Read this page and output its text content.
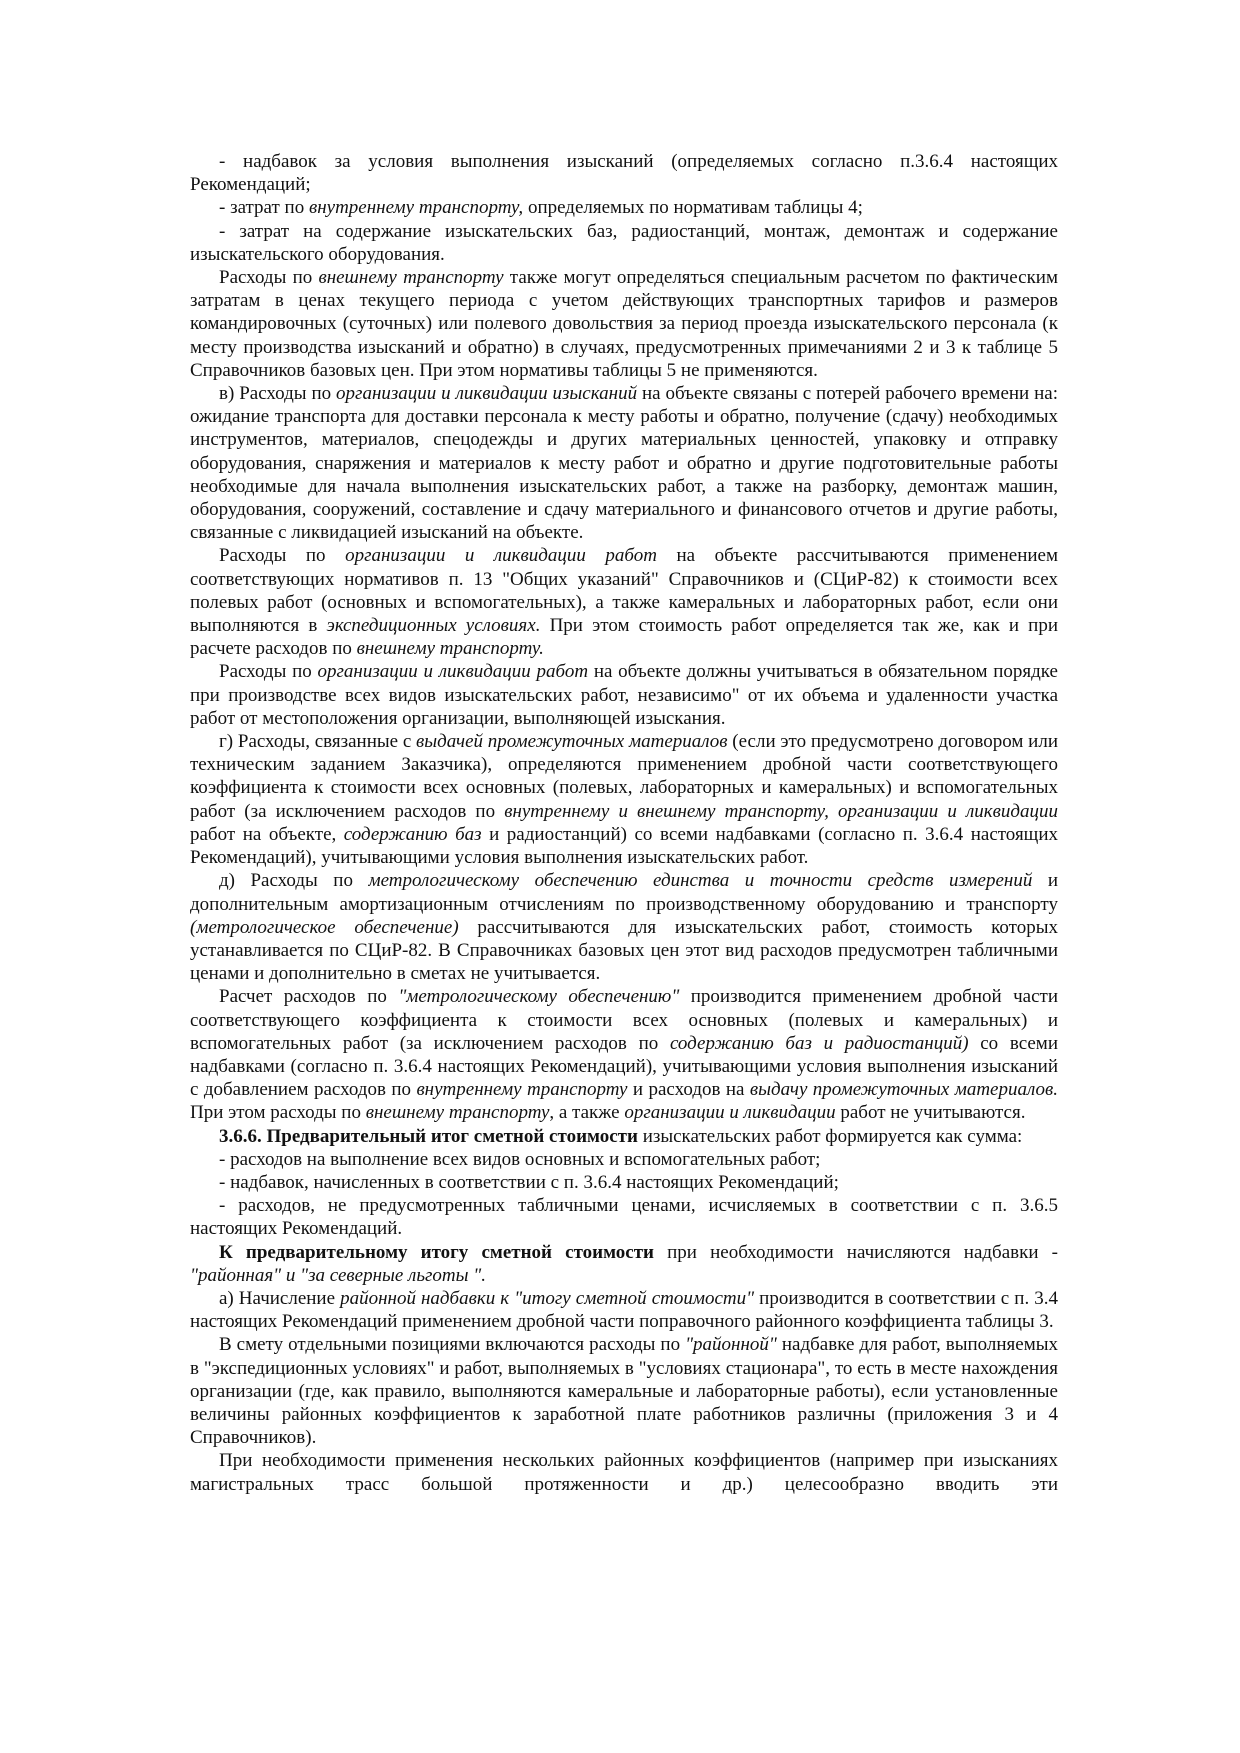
- надбавок за условия выполнения изысканий (определяемых согласно п.3.6.4 настоящих Рекомендаций;

- затрат по внутреннему транспорту, определяемых по нормативам таблицы 4;

- затрат на содержание изыскательских баз, радиостанций, монтаж, демонтаж и содержание изыскательского оборудования.

Расходы по внешнему транспорту также могут определяться специальным расчетом по фактическим затратам в ценах текущего периода с учетом действующих транспортных тарифов и размеров командировочных (суточных) или полевого довольствия за период проезда изыскательского персонала (к месту производства изысканий и обратно) в случаях, предусмотренных примечаниями 2 и 3 к таблице 5 Справочников базовых цен. При этом нормативы таблицы 5 не применяются.

в) Расходы по организации и ликвидации изысканий на объекте связаны с потерей рабочего времени на: ожидание транспорта для доставки персонала к месту работы и обратно, получение (сдачу) необходимых инструментов, материалов, спецодежды и других материальных ценностей, упаковку и отправку оборудования, снаряжения и материалов к месту работ и обратно и другие подготовительные работы необходимые для начала выполнения изыскательских работ, а также на разборку, демонтаж машин, оборудования, сооружений, составление и сдачу материального и финансового отчетов и другие работы, связанные с ликвидацией изысканий на объекте.

Расходы по организации и ликвидации работ на объекте рассчитываются применением соответствующих нормативов п. 13 "Общих указаний" Справочников и (СЦиР-82) к стоимости всех полевых работ (основных и вспомогательных), а также камеральных и лабораторных работ, если они выполняются в экспедиционных условиях. При этом стоимость работ определяется так же, как и при расчете расходов по внешнему транспорту.

Расходы по организации и ликвидации работ на объекте должны учитываться в обязательном порядке при производстве всех видов изыскательских работ, независимо" от их объема и удаленности участка работ от местоположения организации, выполняющей изыскания.

г) Расходы, связанные с выдачей промежуточных материалов (если это предусмотрено договором или техническим заданием Заказчика), определяются применением дробной части соответствующего коэффициента к стоимости всех основных (полевых, лабораторных и камеральных) и вспомогательных работ (за исключением расходов по внутреннему и внешнему транспорту, организации и ликвидации работ на объекте, содержанию баз и радиостанций) со всеми надбавками (согласно п. 3.6.4 настоящих Рекомендаций), учитывающими условия выполнения изыскательских работ.

д) Расходы по метрологическому обеспечению единства и точности средств измерений и дополнительным амортизационным отчислениям по производственному оборудованию и транспорту (метрологическое обеспечение) рассчитываются для изыскательских работ, стоимость которых устанавливается по СЦиР-82. В Справочниках базовых цен этот вид расходов предусмотрен табличными ценами и дополнительно в сметах не учитывается.

Расчет расходов по "метрологическому обеспечению" производится применением дробной части соответствующего коэффициента к стоимости всех основных (полевых и камеральных) и вспомогательных работ (за исключением расходов по содержанию баз и радиостанций) со всеми надбавками (согласно п. 3.6.4 настоящих Рекомендаций), учитывающими условия выполнения изысканий с добавлением расходов по внутреннему транспорту и расходов на выдачу промежуточных материалов. При этом расходы по внешнему транспорту, а также организации и ликвидации работ не учитываются.

3.6.6. Предварительный итог сметной стоимости изыскательских работ формируется как сумма:

- расходов на выполнение всех видов основных и вспомогательных работ;

- надбавок, начисленных в соответствии с п. 3.6.4 настоящих Рекомендаций;

- расходов, не предусмотренных табличными ценами, исчисляемых в соответствии с п. 3.6.5 настоящих Рекомендаций.

К предварительному итогу сметной стоимости при необходимости начисляются надбавки - "районная" и "за северные льготы ".

а) Начисление районной надбавки к "итогу сметной стоимости" производится в соответствии с п. 3.4 настоящих Рекомендаций применением дробной части поправочного районного коэффициента таблицы 3.

В смету отдельными позициями включаются расходы по "районной" надбавке для работ, выполняемых в "экспедиционных условиях" и работ, выполняемых в "условиях стационара", то есть в месте нахождения организации (где, как правило, выполняются камеральные и лабораторные работы), если установленные величины районных коэффициентов к заработной плате работников различны (приложения 3 и 4 Справочников).

При необходимости применения нескольких районных коэффициентов (например при изысканиях магистральных трасс большой протяженности и др.) целесообразно вводить эти
